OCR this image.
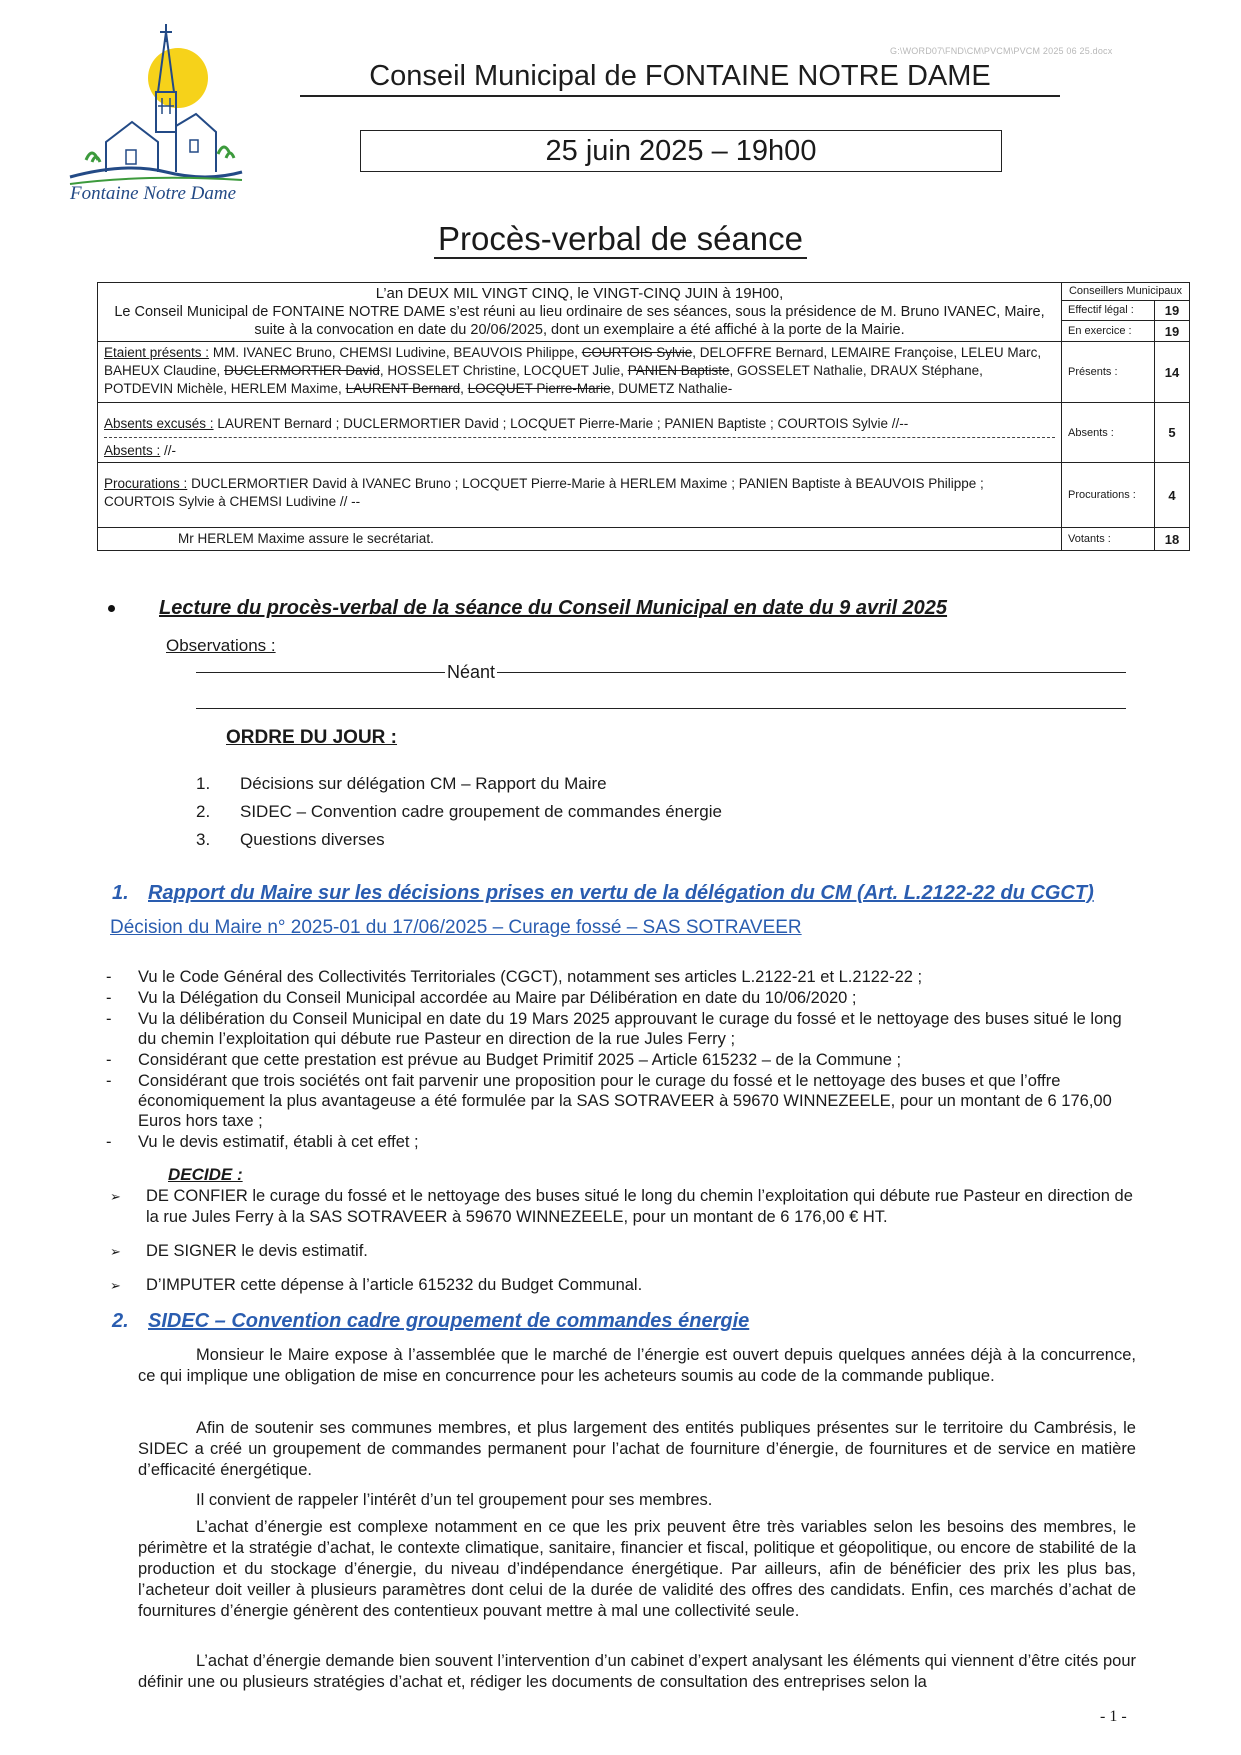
G:\WORD07\FND\CM\PVCM\PVCM 2025 06 25.docx
Fontaine Notre Dame
Conseil Municipal de FONTAINE NOTRE DAME
25 juin 2025 – 19h00
Procès-verbal de séance
L’an DEUX MIL VINGT CINQ, le VINGT-CINQ JUIN à 19H00,
Le Conseil Municipal de FONTAINE NOTRE DAME s’est réuni au lieu ordinaire de ses séances, sous la présidence de M. Bruno IVANEC, Maire, suite à la convocation en date du 20/06/2025, dont un exemplaire a été affiché à la porte de la Mairie.	Conseillers Municipaux	
	Effectif légal :	19
	En exercice :	19
Etaient présents : MM. IVANEC Bruno, CHEMSI Ludivine, BEAUVOIS Philippe, COURTOIS Sylvie, DELOFFRE Bernard, LEMAIRE Françoise, LELEU Marc, BAHEUX Claudine, DUCLERMORTIER David, HOSSELET Christine, LOCQUET Julie, PANIEN Baptiste, GOSSELET Nathalie, DRAUX Stéphane, POTDEVIN Michèle, HERLEM Maxime, LAURENT Bernard, LOCQUET Pierre-Marie, DUMETZ Nathalie-	Présents :	14

Absents excusés : LAURENT Bernard ; DUCLERMORTIER David ; LOCQUET Pierre-Marie ; PANIEN Baptiste ; COURTOIS Sylvie //--
Absents : //-	Absents :	5
Procurations : DUCLERMORTIER David à IVANEC Bruno ; LOCQUET Pierre-Marie à HERLEM Maxime ; PANIEN Baptiste à BEAUVOIS Philippe ; COURTOIS Sylvie à CHEMSI Ludivine // --	Procurations :	4
Mr HERLEM Maxime assure le secrétariat.	Votants :	18
Lecture du procès-verbal de la séance du Conseil Municipal en date du 9 avril 2025
Observations :
Néant
ORDRE DU JOUR :
1. Décisions sur délégation CM – Rapport du Maire
2. SIDEC – Convention cadre groupement de commandes énergie
3. Questions diverses
1. Rapport du Maire sur les décisions prises en vertu de la délégation du CM (Art. L.2122-22 du CGCT)
Décision du Maire n° 2025-01 du 17/06/2025 – Curage fossé – SAS SOTRAVEER
- Vu le Code Général des Collectivités Territoriales (CGCT), notamment ses articles L.2122-21 et L.2122-22 ;
- Vu la Délégation du Conseil Municipal accordée au Maire par Délibération en date du 10/06/2020 ;
- Vu la délibération du Conseil Municipal en date du 19 Mars 2025 approuvant le curage du fossé et le nettoyage des buses situé le long du chemin l’exploitation qui débute rue Pasteur en direction de la rue Jules Ferry ;
- Considérant que cette prestation est prévue au Budget Primitif 2025 – Article 615232 – de la Commune ;
- Considérant que trois sociétés ont fait parvenir une proposition pour le curage du fossé et le nettoyage des buses et que l’offre économiquement la plus avantageuse a été formulée par la SAS SOTRAVEER à 59670 WINNEZEELE, pour un montant de 6 176,00 Euros hors taxe ;
- Vu le devis estimatif, établi à cet effet ;
DECIDE :
➢ DE CONFIER le curage du fossé et le nettoyage des buses situé le long du chemin l’exploitation qui débute rue Pasteur en direction de la rue Jules Ferry à la SAS SOTRAVEER à 59670 WINNEZEELE, pour un montant de 6 176,00 € HT.
➢ DE SIGNER le devis estimatif.
➢ D’IMPUTER cette dépense à l’article 615232 du Budget Communal.
2. SIDEC – Convention cadre groupement de commandes énergie
Monsieur le Maire expose à l’assemblée que le marché de l’énergie est ouvert depuis quelques années déjà à la concurrence, ce qui implique une obligation de mise en concurrence pour les acheteurs soumis au code de la commande publique.
Afin de soutenir ses communes membres, et plus largement des entités publiques présentes sur le territoire du Cambrésis, le SIDEC a créé un groupement de commandes permanent pour l’achat de fourniture d’énergie, de fournitures et de service en matière d’efficacité énergétique.
Il convient de rappeler l’intérêt d’un tel groupement pour ses membres.
L’achat d’énergie est complexe notamment en ce que les prix peuvent être très variables selon les besoins des membres, le périmètre et la stratégie d’achat, le contexte climatique, sanitaire, financier et fiscal, politique et géopolitique, ou encore de stabilité de la production et du stockage d’énergie, du niveau d’indépendance énergétique. Par ailleurs, afin de bénéficier des prix les plus bas, l’acheteur doit veiller à plusieurs paramètres dont celui de la durée de validité des offres des candidats. Enfin, ces marchés d’achat de fournitures d’énergie génèrent des contentieux pouvant mettre à mal une collectivité seule.
L’achat d’énergie demande bien souvent l’intervention d’un cabinet d’expert analysant les éléments qui viennent d’être cités pour définir une ou plusieurs stratégies d’achat et, rédiger les documents de consultation des entreprises selon la
- 1 -
